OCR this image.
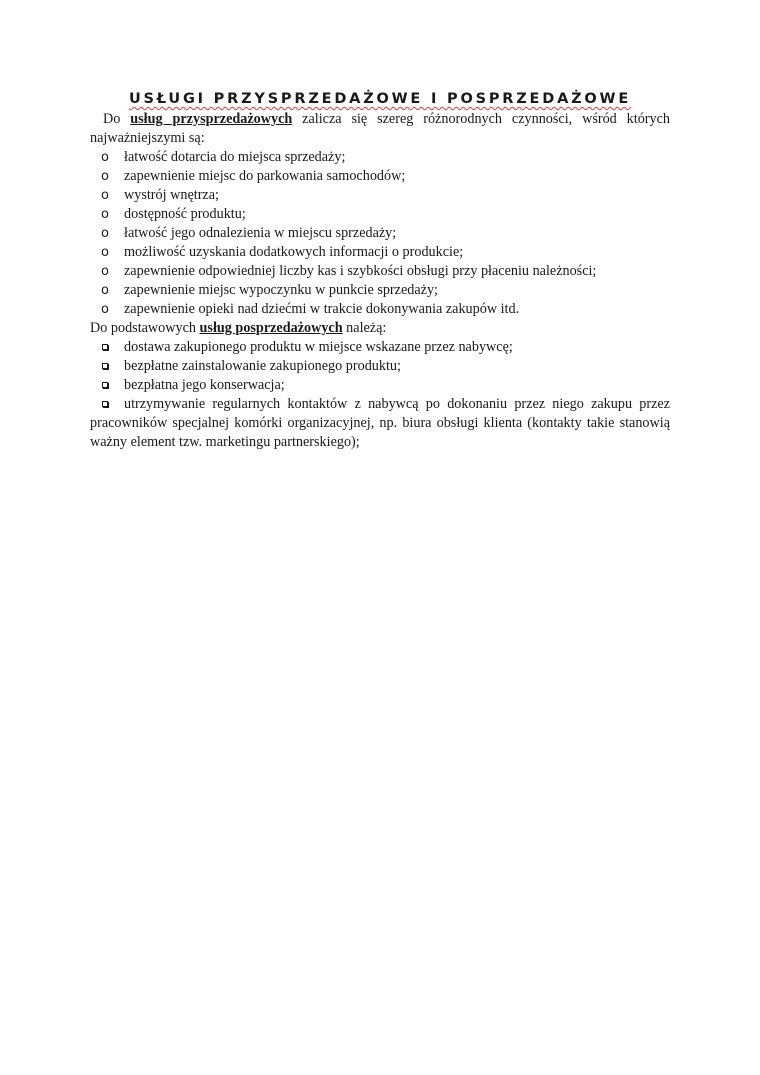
USŁUGI PRZYSPRZEDAŻOWE I POSPRZEDAŻOWE

Do usług przysprzedażowych zalicza się szereg różnorodnych czynności, wśród których najważniejszymi są:

o łatwość dotarcia do miejsca sprzedaży;
o zapewnienie miejsc do parkowania samochodów;
o wystrój wnętrza;
o dostępność produktu;
o łatwość jego odnalezienia w miejscu sprzedaży;
o możliwość uzyskania dodatkowych informacji o produkcie;
o zapewnienie odpowiedniej liczby kas i szybkości obsługi przy płaceniu należności;
o zapewnienie miejsc wypoczynku w punkcie sprzedaży;
o zapewnienie opieki nad dziećmi w trakcie dokonywania zakupów itd.

Do podstawowych usług posprzedażowych należą:

dostawa zakupionego produktu w miejsce wskazane przez nabywcę;
bezpłatne zainstalowanie zakupionego produktu;
bezpłatna jego konserwacja;
utrzymywanie regularnych kontaktów z nabywcą po dokonaniu przez niego zakupu przez pracowników specjalnej komórki organizacyjnej, np. biura obsługi klienta (kontakty takie stanowią ważny element tzw. marketingu partnerskiego);
